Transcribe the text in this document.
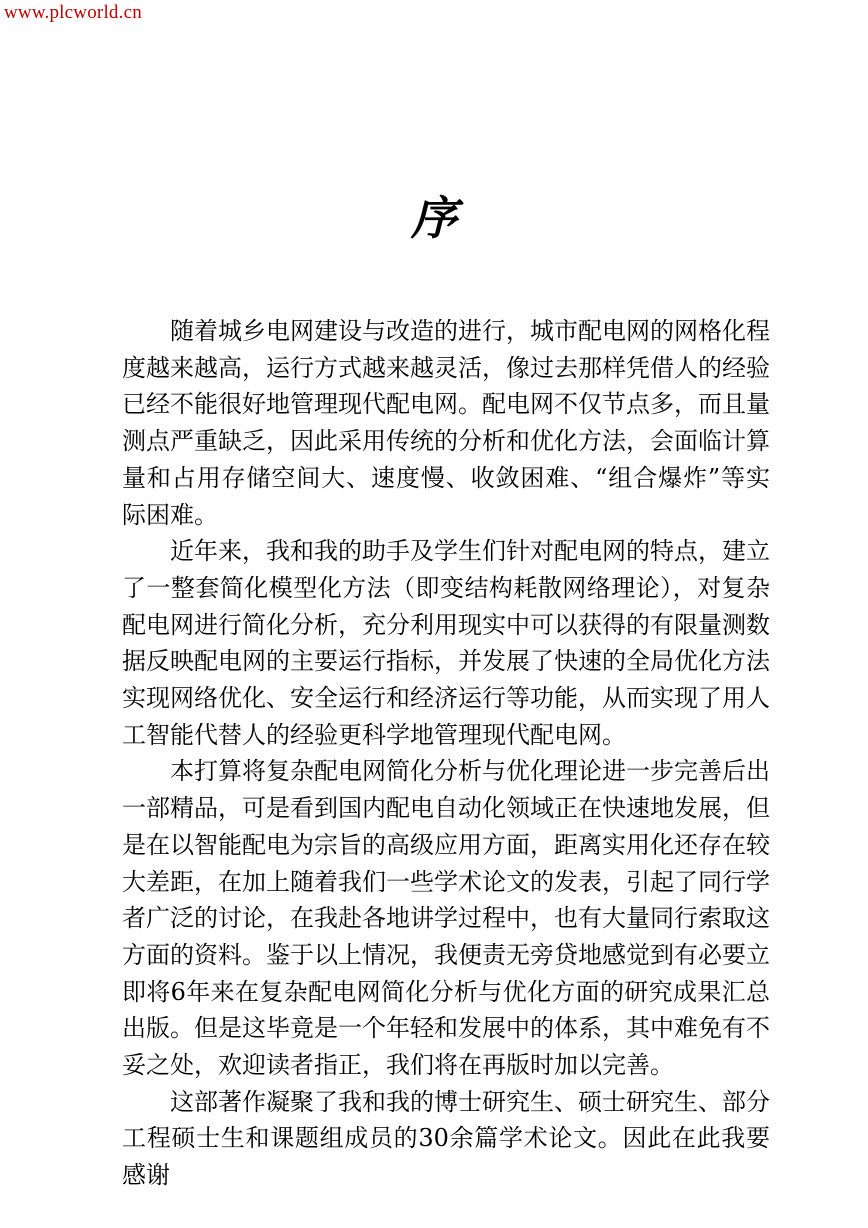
www.plcworld.cn
序

随着城乡电网建设与改造的进行，城市配电网的网格化程度越来越高，运行方式越来越灵活，像过去那样凭借人的经验已经不能很好地管理现代配电网。配电网不仅节点多，而且量测点严重缺乏，因此采用传统的分析和优化方法，会面临计算量和占用存储空间大、速度慢、收敛困难、“组合爆炸”等实际困难。

近年来，我和我的助手及学生们针对配电网的特点，建立了一整套简化模型化方法（即变结构耗散网络理论），对复杂配电网进行简化分析，充分利用现实中可以获得的有限量测数据反映配电网的主要运行指标，并发展了快速的全局优化方法实现网络优化、安全运行和经济运行等功能，从而实现了用人工智能代替人的经验更科学地管理现代配电网。

本打算将复杂配电网简化分析与优化理论进一步完善后出一部精品，可是看到国内配电自动化领域正在快速地发展，但是在以智能配电为宗旨的高级应用方面，距离实用化还存在较大差距，在加上随着我们一些学术论文的发表，引起了同行学者广泛的讨论，在我赴各地讲学过程中，也有大量同行索取这方面的资料。鉴于以上情况，我便责无旁贷地感觉到有必要立即将6年来在复杂配电网简化分析与优化方面的研究成果汇总出版。但是这毕竟是一个年轻和发展中的体系，其中难免有不妥之处，欢迎读者指正，我们将在再版时加以完善。

这部著作凝聚了我和我的博士研究生、硕士研究生、部分工程硕士生和课题组成员的30余篇学术论文。因此在此我要感谢
